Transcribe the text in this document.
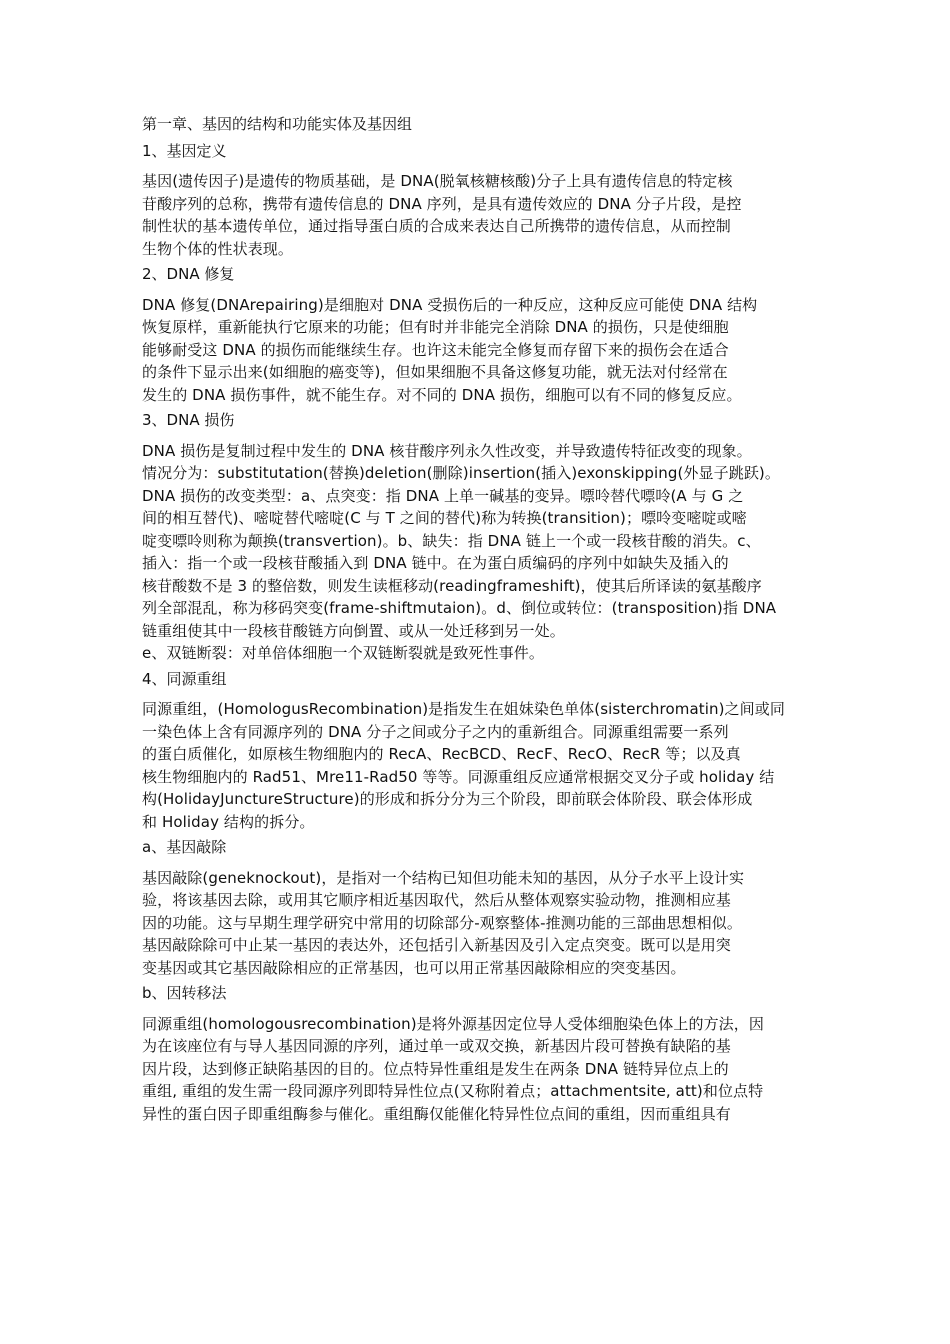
第一章、基因的结构和功能实体及基因组
1、基因定义
基因(遗传因子)是遗传的物质基础，是 DNA(脱氧核糖核酸)分子上具有遗传信息的特定核
苷酸序列的总称，携带有遗传信息的 DNA 序列，是具有遗传效应的 DNA 分子片段，是控
制性状的基本遗传单位，通过指导蛋白质的合成来表达自己所携带的遗传信息，从而控制
生物个体的性状表现。
2、DNA 修复
DNA 修复(DNArepairing)是细胞对 DNA 受损伤后的一种反应，这种反应可能使 DNA 结构
恢复原样，重新能执行它原来的功能；但有时并非能完全消除 DNA 的损伤，只是使细胞
能够耐受这 DNA 的损伤而能继续生存。也许这未能完全修复而存留下来的损伤会在适合
的条件下显示出来(如细胞的癌变等)，但如果细胞不具备这修复功能，就无法对付经常在
发生的 DNA 损伤事件，就不能生存。对不同的 DNA 损伤，细胞可以有不同的修复反应。
3、DNA 损伤
DNA 损伤是复制过程中发生的 DNA 核苷酸序列永久性改变，并导致遗传特征改变的现象。
情况分为：substitutation(替换)deletion(删除)insertion(插入)exonskipping(外显子跳跃)。
DNA 损伤的改变类型：a、点突变：指 DNA 上单一碱基的变异。嘌呤替代嘌呤(A 与 G 之
间的相互替代)、嘧啶替代嘧啶(C 与 T 之间的替代)称为转换(transition)；嘌呤变嘧啶或嘧
啶变嘌呤则称为颠换(transvertion)。b、缺失：指 DNA 链上一个或一段核苷酸的消失。c、
插入：指一个或一段核苷酸插入到 DNA 链中。在为蛋白质编码的序列中如缺失及插入的
核苷酸数不是 3 的整倍数，则发生读框移动(readingframeshift)，使其后所译读的氨基酸序
列全部混乱，称为移码突变(frame-shiftmutaion)。d、倒位或转位：(transposition)指 DNA
链重组使其中一段核苷酸链方向倒置、或从一处迁移到另一处。
e、双链断裂：对单倍体细胞一个双链断裂就是致死性事件。
4、同源重组
同源重组，(HomologusRecombination)是指发生在姐妹染色单体(sisterchromatin)之间或同
一染色体上含有同源序列的 DNA 分子之间或分子之内的重新组合。同源重组需要一系列
的蛋白质催化，如原核生物细胞内的 RecA、RecBCD、RecF、RecO、RecR 等；以及真
核生物细胞内的 Rad51、Mre11-Rad50 等等。同源重组反应通常根据交叉分子或 holiday 结
构(HolidayJunctureStructure)的形成和拆分分为三个阶段，即前联会体阶段、联会体形成
和 Holiday 结构的拆分。
a、基因敲除
基因敲除(geneknockout)，是指对一个结构已知但功能未知的基因，从分子水平上设计实
验，将该基因去除，或用其它顺序相近基因取代，然后从整体观察实验动物，推测相应基
因的功能。这与早期生理学研究中常用的切除部分-观察整体-推测功能的三部曲思想相似。
基因敲除除可中止某一基因的表达外，还包括引入新基因及引入定点突变。既可以是用突
变基因或其它基因敲除相应的正常基因，也可以用正常基因敲除相应的突变基因。
b、因转移法
同源重组(homologousrecombination)是将外源基因定位导人受体细胞染色体上的方法，因
为在该座位有与导人基因同源的序列，通过单一或双交换，新基因片段可替换有缺陷的基
因片段，达到修正缺陷基因的目的。位点特异性重组是发生在两条 DNA 链特异位点上的
重组, 重组的发生需一段同源序列即特异性位点(又称附着点；attachmentsite, att)和位点特
异性的蛋白因子即重组酶参与催化。重组酶仅能催化特异性位点间的重组，因而重组具有
